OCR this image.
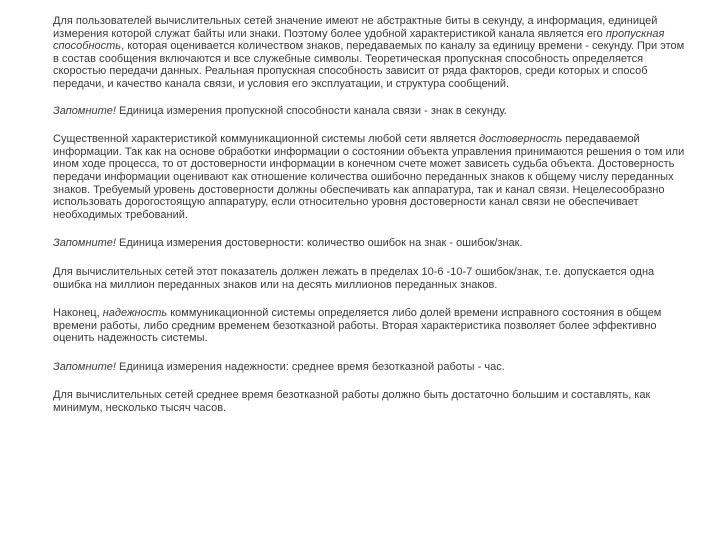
Для пользователей вычислительных сетей значение имеют не абстрактные биты в секунду, а информация, единицей измерения которой служат байты или знаки. Поэтому более удобной характеристикой канала является его пропускная способность, которая оценивается количеством знаков, передаваемых по каналу за единицу времени - секунду. При этом в состав сообщения включаются и все служебные символы. Теоретическая пропускная способность определяется скоростью передачи данных. Реальная пропускная способность зависит от ряда факторов, среди которых и способ передачи, и качество канала связи, и условия его эксплуатации, и структура сообщений.

Запомните! Единица измерения пропускной способности канала связи - знак в секунду.

Существенной характеристикой коммуникационной системы любой сети является достоверность передаваемой информации. Так как на основе обработки информации о состоянии объекта управления принимаются решения о том или ином ходе процесса, то от достоверности информации в конечном счете может зависеть судьба объекта. Достоверность передачи информации оценивают как отношение количества ошибочно переданных знаков к общему числу переданных знаков. Требуемый уровень достоверности должны обеспечивать как аппаратура, так и канал связи. Нецелесообразно использовать дорогостоящую аппаратуру, если относительно уровня достоверности канал связи не обеспечивает необходимых требований.

Запомните! Единица измерения достоверности: количество ошибок на знак - ошибок/знак.

Для вычислительных сетей этот показатель должен лежать в пределах 10-6 -10-7 ошибок/знак, т.е. допускается одна ошибка на миллион переданных знаков или на десять миллионов переданных знаков.

Наконец, надежность коммуникационной системы определяется либо долей времени исправного состояния в общем времени работы, либо средним временем безотказной работы. Вторая характеристика позволяет более эффективно оценить надежность системы.

Запомните! Единица измерения надежности: среднее время безотказной работы - час.

Для вычислительных сетей среднее время безотказной работы должно быть достаточно большим и составлять, как минимум, несколько тысяч часов.
